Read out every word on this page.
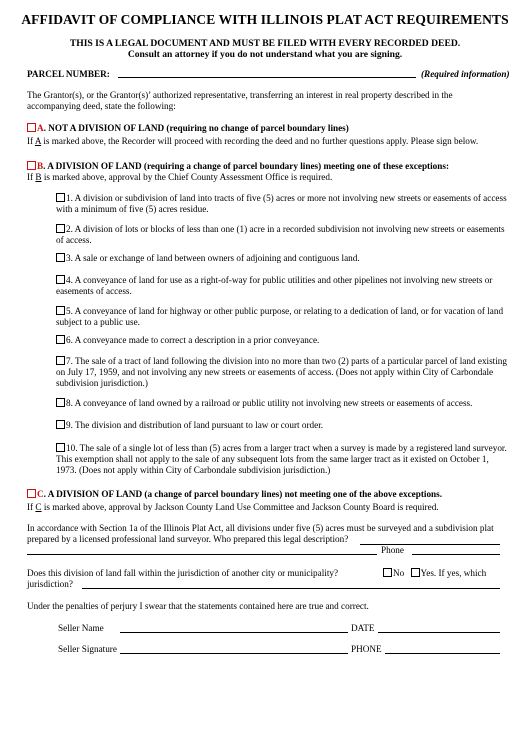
AFFIDAVIT OF COMPLIANCE WITH ILLINOIS PLAT ACT REQUIREMENTS
THIS IS A LEGAL DOCUMENT AND MUST BE FILED WITH EVERY RECORDED DEED.
Consult an attorney if you do not understand what you are signing.
PARCEL NUMBER:	(Required information)
The Grantor(s), or the Grantor(s)’ authorized representative, transferring an interest in real property described in the accompanying deed, state the following:
A. NOT A DIVISION OF LAND (requiring no change of parcel boundary lines)
If A is marked above, the Recorder will proceed with recording the deed and no further questions apply. Please sign below.
B. A DIVISION OF LAND (requiring a change of parcel boundary lines) meeting one of these exceptions:
If B is marked above, approval by the Chief County Assessment Office is required.
1. A division or subdivision of land into tracts of five (5) acres or more not involving new streets or easements of access with a minimum of five (5) acres residue.
2. A division of lots or blocks of less than one (1) acre in a recorded subdivision not involving new streets or easements of access.
3. A sale or exchange of land between owners of adjoining and contiguous land.
4. A conveyance of land for use as a right-of-way for public utilities and other pipelines not involving new streets or easements of access.
5. A conveyance of land for highway or other public purpose, or relating to a dedication of land, or for vacation of land subject to a public use.
6. A conveyance made to correct a description in a prior conveyance.
7. The sale of a tract of land following the division into no more than two (2) parts of a particular parcel of land existing on July 17, 1959, and not involving any new streets or easements of access. (Does not apply within City of Carbondale subdivision jurisdiction.)
8. A conveyance of land owned by a railroad or public utility not involving new streets or easements of access.
9. The division and distribution of land pursuant to law or court order.
10. The sale of a single lot of less than (5) acres from a larger tract when a survey is made by a registered land surveyor. This exemption shall not apply to the sale of any subsequent lots from the same larger tract as it existed on October 1, 1973. (Does not apply within City of Carbondale subdivision jurisdiction.)
C. A DIVISION OF LAND (a change of parcel boundary lines) not meeting one of the above exceptions.
If C is marked above, approval by Jackson County Land Use Committee and Jackson County Board is required.
In accordance with Section 1a of the Illinois Plat Act, all divisions under five (5) acres must be surveyed and a subdivision plat prepared by a licensed professional land surveyor. Who prepared this legal description?
Phone
Does this division of land fall within the jurisdiction of another city or municipality?	No Yes. If yes, which
jurisdiction?
Under the penalties of perjury I swear that the statements contained here are true and correct.
Seller Name	DATE
Seller Signature	PHONE
